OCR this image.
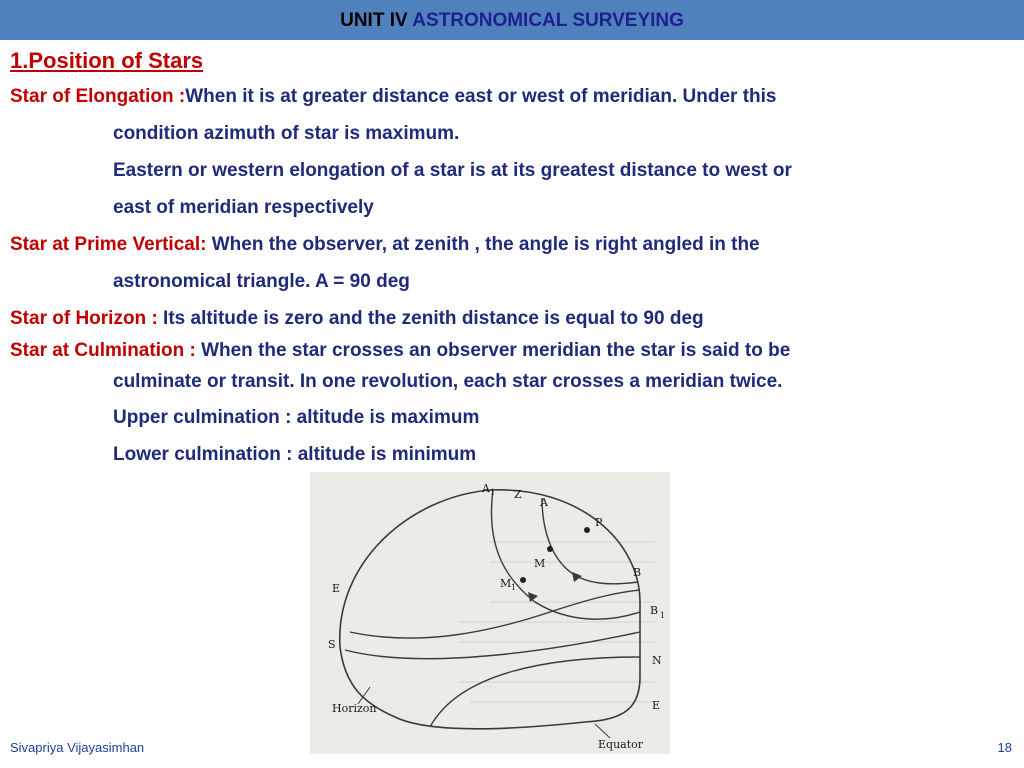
UNIT IV ASTRONOMICAL SURVEYING
1.Position of Stars
Star of Elongation :When it is at greater distance east or west of meridian. Under this
condition azimuth of star is maximum.
Eastern or western elongation of a star is at its greatest distance to west or
east of meridian respectively
Star at Prime Vertical: When the observer, at zenith , the angle is right angled in the
astronomical triangle. A = 90 deg
Star of Horizon : Its altitude is zero and the zenith distance is equal to 90 deg
Star at Culmination : When the star crosses an observer meridian the star is said to be
culminate or transit. In one revolution, each star crosses a meridian twice.
Upper culmination : altitude is maximum
Lower culmination : altitude is minimum
A 1 Z
A
P
M
M 1
B
B 1
E
S
N
E
Horizon
Equator
Sivapriya Vijayasimhan	18
